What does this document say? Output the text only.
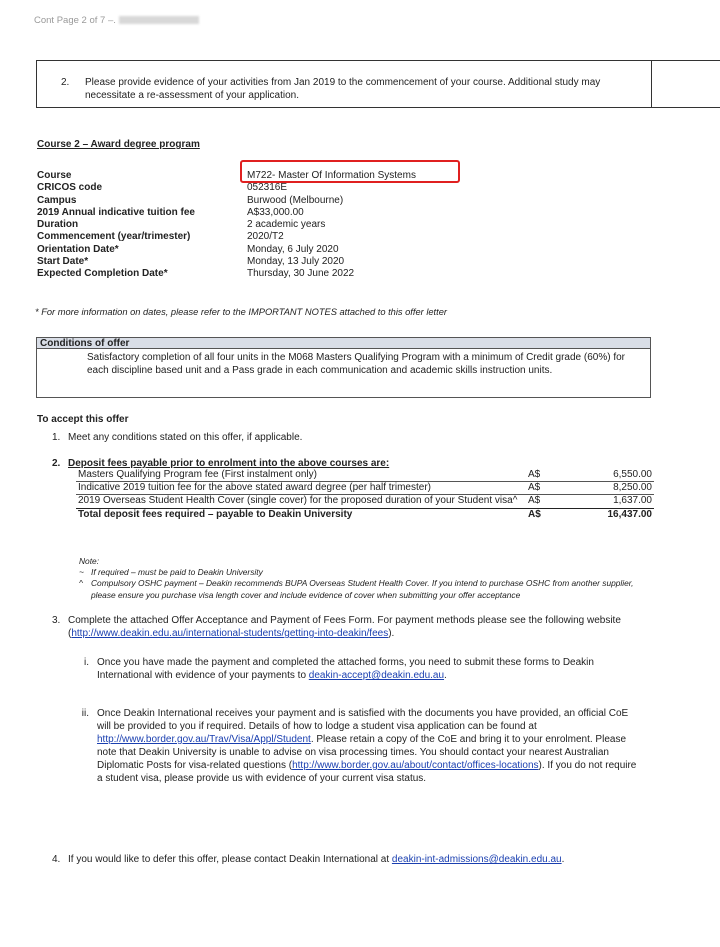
Cont Page 2 of 7 –.
2. Please provide evidence of your activities from Jan 2019 to the commencement of your course. Additional study may necessitate a re-assessment of your application.
Course 2 – Award degree program
Course	M722- Master Of Information Systems
CRICOS code	052316E
Campus	Burwood (Melbourne)
2019 Annual indicative tuition fee	A$33,000.00
Duration	2 academic years
Commencement (year/trimester)	2020/T2
Orientation Date*	Monday, 6 July 2020
Start Date*	Monday, 13 July 2020
Expected Completion Date*	Thursday, 30 June 2022
* For more information on dates, please refer to the IMPORTANT NOTES attached to this offer letter
Conditions of offer
Satisfactory completion of all four units in the M068 Masters Qualifying Program with a minimum of Credit grade (60%) for each discipline based unit and a Pass grade in each communication and academic skills instruction units.
To accept this offer
1. Meet any conditions stated on this offer, if applicable.
2. Deposit fees payable prior to enrolment into the above courses are:
Masters Qualifying Program fee (First instalment only)	A$	6,550.00
Indicative 2019 tuition fee for the above stated award degree (per half trimester)	A$	8,250.00
2019 Overseas Student Health Cover (single cover) for the proposed duration of your Student visa^	A$	1,637.00
Total deposit fees required – payable to Deakin University	A$	16,437.00
Note:
~ If required – must be paid to Deakin University
^ Compulsory OSHC payment – Deakin recommends BUPA Overseas Student Health Cover. If you intend to purchase OSHC from another supplier, please ensure you purchase visa length cover and include evidence of cover when submitting your offer acceptance
3. Complete the attached Offer Acceptance and Payment of Fees Form. For payment methods please see the following website (http://www.deakin.edu.au/international-students/getting-into-deakin/fees).
i. Once you have made the payment and completed the attached forms, you need to submit these forms to Deakin International with evidence of your payments to deakin-accept@deakin.edu.au.
ii. Once Deakin International receives your payment and is satisfied with the documents you have provided, an official CoE will be provided to you if required. Details of how to lodge a student visa application can be found at http://www.border.gov.au/Trav/Visa/Appl/Student. Please retain a copy of the CoE and bring it to your enrolment. Please note that Deakin University is unable to advise on visa processing times. You should contact your nearest Australian Diplomatic Posts for visa-related questions (http://www.border.gov.au/about/contact/offices-locations). If you do not require a student visa, please provide us with evidence of your current visa status.
4. If you would like to defer this offer, please contact Deakin International at deakin-int-admissions@deakin.edu.au.
